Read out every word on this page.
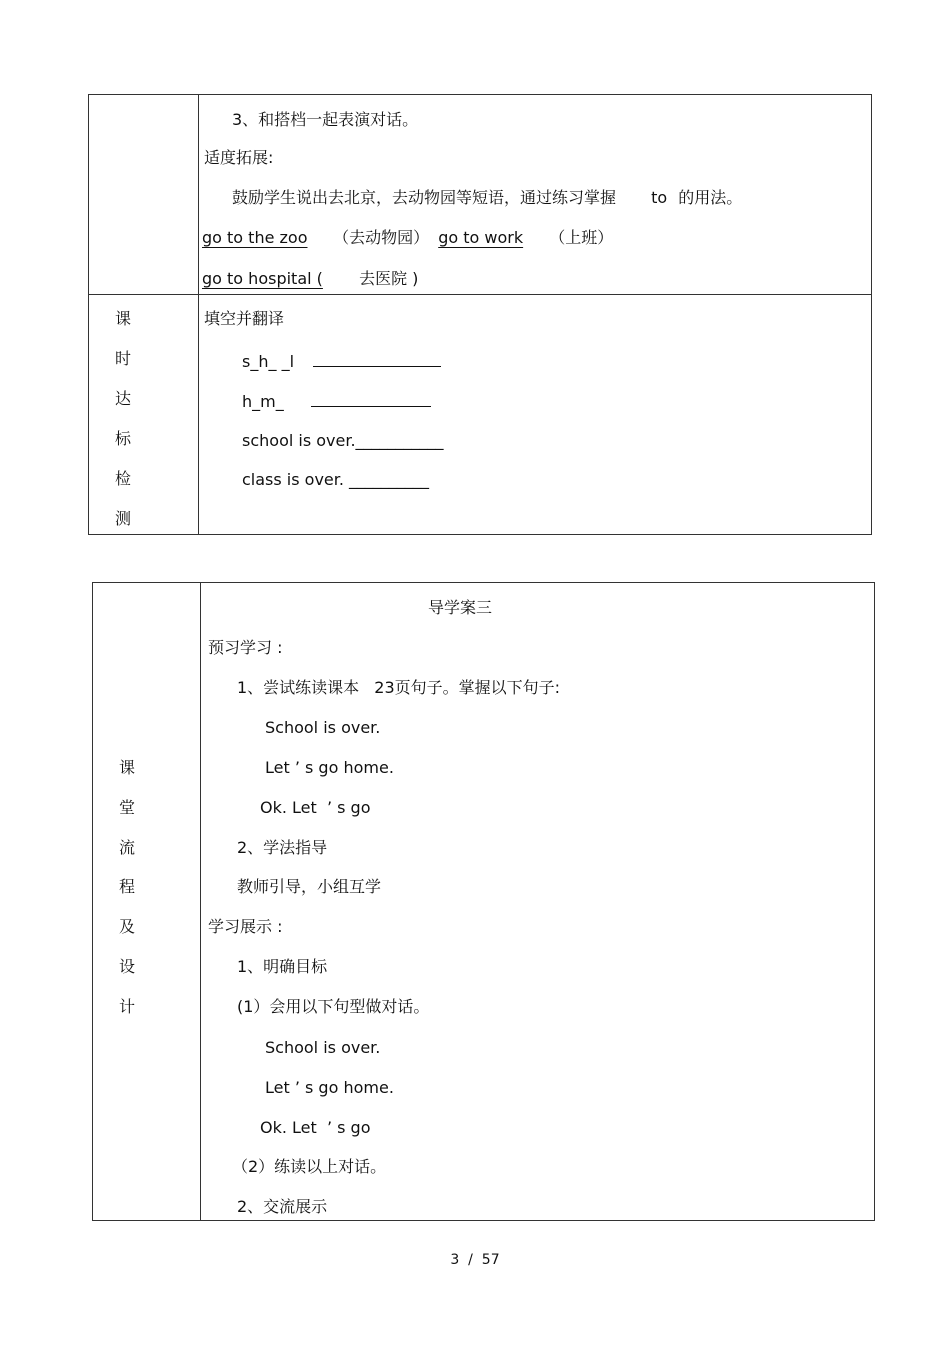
3、和搭档一起表演对话。
适度拓展:
鼓励学生说出去北京，去动物园等短语，通过练习掌握 to 的用法。
go to the zoo （去动物园） go to work （上班）
go to hospital ( 去医院 )
课
时
达
标
检
测
填空并翻译
s_h_ _l
h_m_
school is over.___________
class is over. __________
导学案三
预习学习 :
1、尝试练读课本 23页句子。掌握以下句子:
School is over.
Let ’ s go home.
Ok. Let  ’ s go
2、学法指导
教师引导，小组互学
学习展示 :
1、明确目标
(1）会用以下句型做对话。
School is over.
Let ’ s go home.
Ok. Let  ’ s go
（2）练读以上对话。
2、交流展示
课
堂
流
程
及
设
计
3  /  57
